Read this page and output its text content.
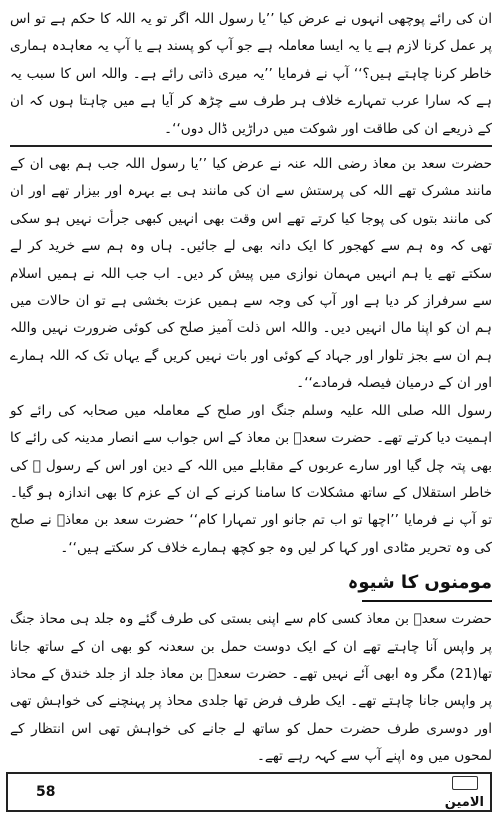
ان کی رائے پوچھی انہوں نے عرض کیا ’’یا رسول اللہ اگر تو یہ اللہ کا حکم ہے تو اس پر عمل کرنا لازم ہے یا یہ ایسا معاملہ ہے جو آپ کو پسند ہے یا آپ یہ معاہدہ ہماری خاطر کرنا چاہتے ہیں؟‘‘ آپ نے فرمایا ’’یہ میری ذاتی رائے ہے۔ واللہ اس کا سبب یہ ہے کہ سارا عرب تمہارے خلاف ہر طرف سے چڑھ کر آیا ہے میں چاہتا ہوں کہ ان کے ذریعے ان کی طاقت اور شوکت میں دراڑیں ڈال دوں‘‘۔

حضرت سعد بن معاذ رضی اللہ عنہ نے عرض کیا ’’یا رسول اللہ جب ہم بھی ان کے مانند مشرک تھے اللہ کی پرستش سے ان کی مانند ہی بے بہرہ اور بیزار تھے اور ان کی مانند بتوں کی پوجا کیا کرتے تھے اس وقت بھی انہیں کبھی جرأت نہیں ہو سکی تھی کہ وہ ہم سے کھجور کا ایک دانہ بھی لے جائیں۔ ہاں وہ ہم سے خرید کر لے سکتے تھے یا ہم انہیں مہمان نوازی میں پیش کر دیں۔ اب جب اللہ نے ہمیں اسلام سے سرفراز کر دیا ہے اور آپ کی وجہ سے ہمیں عزت بخشی ہے تو ان حالات میں ہم ان کو اپنا مال انہیں دیں۔ واللہ اس ذلت آمیز صلح کی کوئی ضرورت نہیں واللہ ہم ان سے بجز تلوار اور جہاد کے کوئی اور بات نہیں کریں گے یہاں تک کہ اللہ ہمارے اور ان کے درمیان فیصلہ فرمادے‘‘۔

رسول اللہ صلی اللہ علیہ وسلم جنگ اور صلح کے معاملہ میں صحابہ کی رائے کو اہمیت دیا کرتے تھے۔ حضرت سعدؓ بن معاذ کے اس جواب سے انصار مدینہ کی رائے کا بھی پتہ چل گیا اور سارے عربوں کے مقابلے میں اللہ کے دین اور اس کے رسول ﷺ کی خاطر استقلال کے ساتھ مشکلات کا سامنا کرنے کے ان کے عزم کا بھی اندازہ ہو گیا۔ تو آپ نے فرمایا ’’اچھا تو اب تم جانو اور تمہارا کام‘‘ حضرت سعد بن معاذؓ نے صلح کی وہ تحریر مٹادی اور کہا کر لیں وہ جو کچھ ہمارے خلاف کر سکتے ہیں‘‘۔

مومنوں کا شیوہ

حضرت سعدؓ بن معاذ کسی کام سے اپنی بستی کی طرف گئے وہ جلد ہی محاذ جنگ پر واپس آنا چاہتے تھے ان کے ایک دوست حمل بن سعدنہ کو بھی ان کے ساتھ جانا تھا(21) مگر وہ ابھی آئے نہیں تھے۔ حضرت سعدؓ بن معاذ جلد از جلد خندق کے محاذ پر واپس جانا چاہتے تھے۔ ایک طرف فرض تھا جلدی محاذ پر پہنچنے کی خواہش تھی اور دوسری طرف حضرت حمل کو ساتھ لے جانے کی خواہش تھی اس انتظار کے لمحوں میں وہ اپنے آپ سے کہہ رہے تھے۔

58
الامین
